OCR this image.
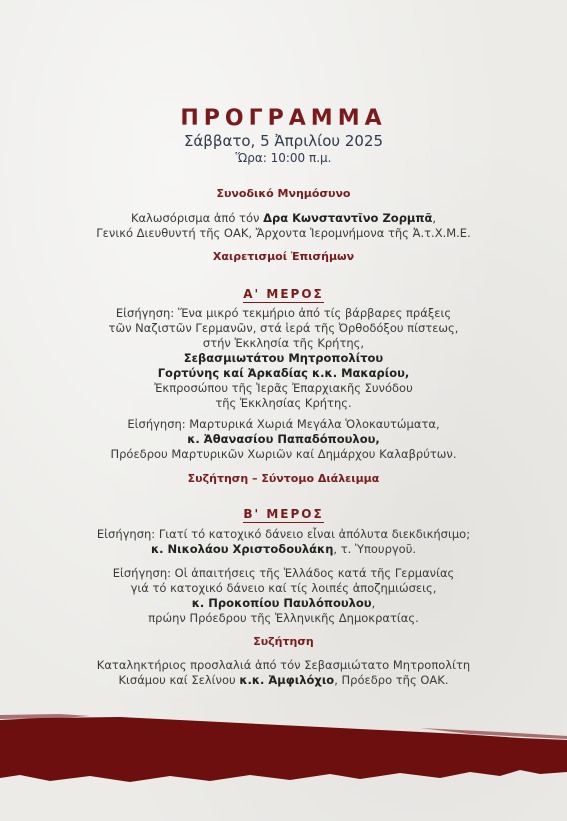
ΠΡΟΓΡΑΜΜΑ
Σάββατο, 5 Ἀπριλίου 2025
Ὥρα: 10:00 π.μ.
Συνοδικό Μνημόσυνο
Καλωσόρισμα ἀπό τόν Δρα Κωνσταντῖνο Ζορμπᾶ,
Γενικό Διευθυντή τῆς ΟΑΚ, Ἄρχοντα Ἱερομνήμονα τῆς Ἀ.τ.Χ.Μ.Ε.
Χαιρετισμοί Ἐπισήμων
Α' ΜΕΡΟΣ
Εἰσήγηση: Ἕνα μικρό τεκμήριο ἀπό τίς βάρβαρες πράξεις
τῶν Ναζιστῶν Γερμανῶν, στά ἱερά τῆς Ὀρθοδόξου πίστεως,
στήν Ἐκκλησία τῆς Κρήτης,
Σεβασμιωτάτου Μητροπολίτου
Γορτύνης καί Ἀρκαδίας κ.κ. Μακαρίου,
Ἐκπροσώπου τῆς Ἱερᾶς Ἐπαρχιακῆς Συνόδου
τῆς Ἐκκλησίας Κρήτης.
Εἰσήγηση: Μαρτυρικά Χωριά Μεγάλα Ὁλοκαυτώματα,
κ. Ἀθανασίου Παπαδόπουλου,
Πρόεδρου Μαρτυρικῶν Χωριῶν καί Δημάρχου Καλαβρύτων.
Συζήτηση – Σύντομο Διάλειμμα
Β' ΜΕΡΟΣ
Εἰσήγηση: Γιατί τό κατοχικό δάνειο εἶναι ἀπόλυτα διεκδικήσιμο;
κ. Νικολάου Χριστοδουλάκη, τ. Ὑπουργοῦ.
Εἰσήγηση: Οἱ ἀπαιτήσεις τῆς Ἑλλάδος κατά τῆς Γερμανίας
γιά τό κατοχικό δάνειο καί τίς λοιπές ἀποζημιώσεις,
κ. Προκοπίου Παυλόπουλου,
πρώην Πρόεδρου τῆς Ἑλληνικῆς Δημοκρατίας.
Συζήτηση
Καταληκτήριος προσλαλιά ἀπό τόν Σεβασμιώτατο Μητροπολίτη
Κισάμου καί Σελίνου κ.κ. Ἀμφιλόχιο, Πρόεδρο τῆς ΟΑΚ.
